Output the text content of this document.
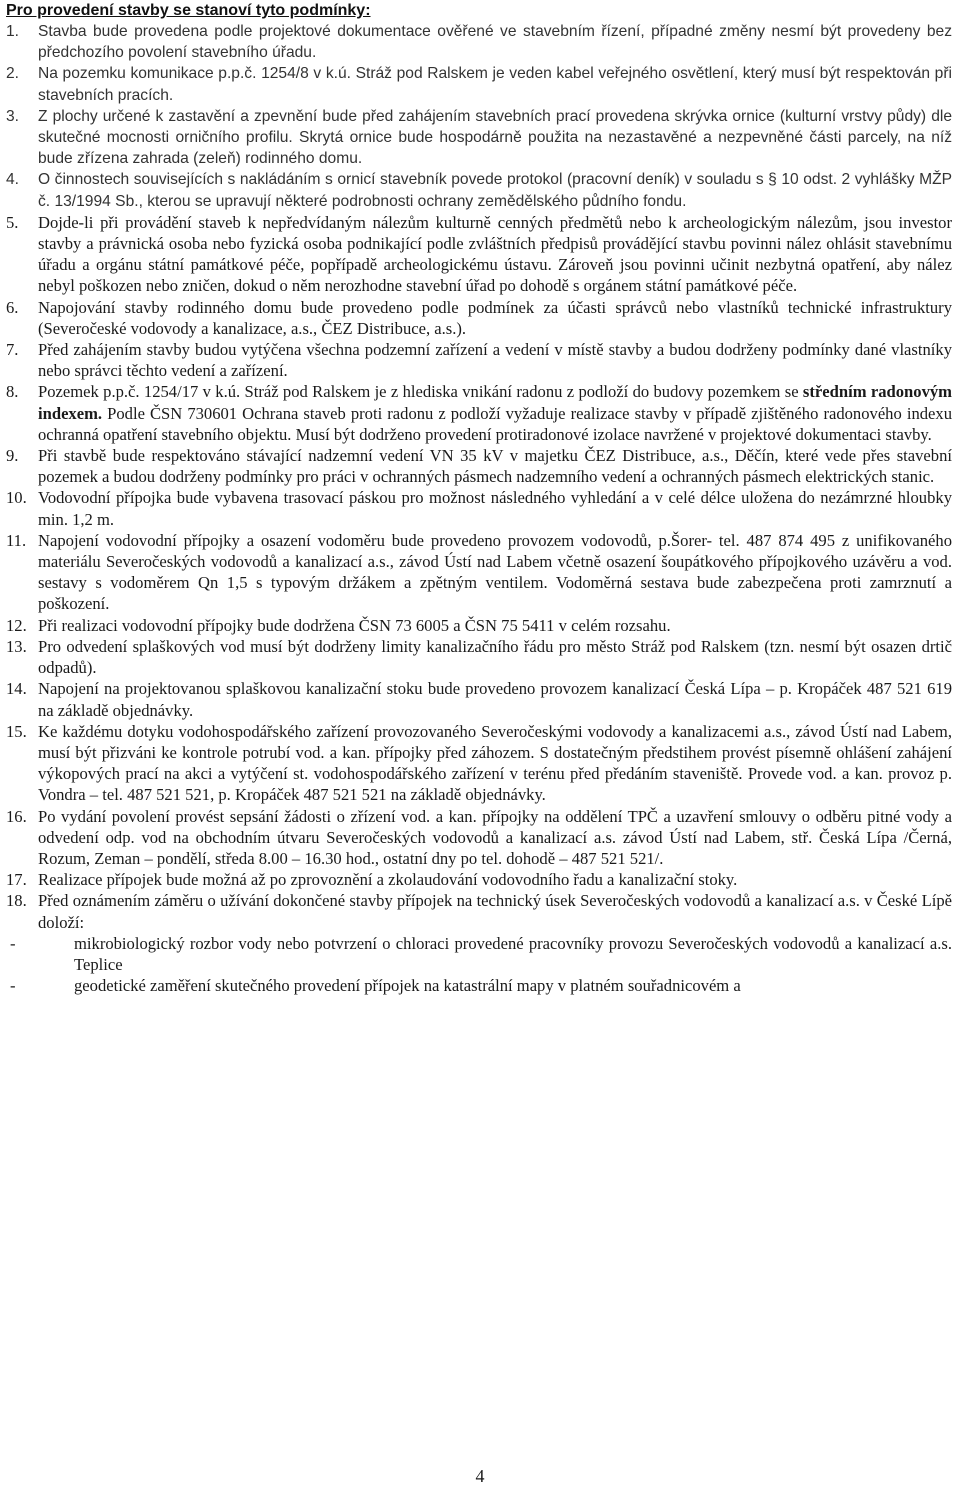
Pro provedení stavby se stanoví tyto podmínky:

1.	Stavba bude provedena podle projektové dokumentace ověřené ve stavebním řízení, případné změny nesmí být provedeny bez předchozího povolení stavebního úřadu.
2.	Na pozemku komunikace p.p.č. 1254/8 v k.ú. Stráž pod Ralskem je veden kabel veřejného osvětlení, který musí být respektován při stavebních pracích.
3.	Z plochy určené k zastavění a zpevnění bude před zahájením stavebních prací provedena skrývka ornice (kulturní vrstvy půdy) dle skutečné mocnosti orničního profilu. Skrytá ornice bude hospodárně použita na nezastavěné a nezpevněné části parcely, na níž bude zřízena zahrada (zeleň) rodinného domu.
4.	O činnostech souvisejících s nakládáním s ornicí stavebník povede protokol (pracovní deník) v souladu s § 10 odst. 2 vyhlášky MŽP č. 13/1994 Sb., kterou se upravují některé podrobnosti ochrany zemědělského půdního fondu.
5.	Dojde-li při provádění staveb k nepředvídaným nálezům kulturně cenných předmětů nebo k archeologickým nálezům, jsou investor stavby a právnická osoba nebo fyzická osoba podnikající podle zvláštních předpisů provádějící stavbu povinni nález ohlásit stavebnímu úřadu a orgánu státní památkové péče, popřípadě archeologickému ústavu. Zároveň jsou povinni učinit nezbytná opatření, aby nález nebyl poškozen nebo zničen, dokud o něm nerozhodne stavební úřad po dohodě s orgánem státní památkové péče.
6.	Napojování stavby rodinného domu bude provedeno podle podmínek za účasti správců nebo vlastníků technické infrastruktury (Severočeské vodovody a kanalizace, a.s., ČEZ Distribuce, a.s.).
7.	Před zahájením stavby budou vytýčena všechna podzemní zařízení a vedení v místě stavby a budou dodrženy podmínky dané vlastníky nebo správci těchto vedení a zařízení.
8.	Pozemek p.p.č. 1254/17 v k.ú. Stráž pod Ralskem je z hlediska vnikání radonu z podloží do budovy pozemkem se středním radonovým indexem. Podle ČSN 730601 Ochrana staveb proti radonu z podloží vyžaduje realizace stavby v případě zjištěného radonového indexu ochranná opatření stavebního objektu. Musí být dodrženo provedení protiradonové izolace navržené v projektové dokumentaci stavby.
9.	Při stavbě bude respektováno stávající nadzemní vedení VN 35 kV v majetku ČEZ Distribuce, a.s., Děčín, které vede přes stavební pozemek a budou dodrženy podmínky pro práci v ochranných pásmech nadzemního vedení a ochranných pásmech elektrických stanic.
10. Vodovodní přípojka bude vybavena trasovací páskou pro možnost následného vyhledání a v celé délce uložena do nezámrzné hloubky min. 1,2 m.
11. Napojení vodovodní přípojky a osazení vodoměru bude provedeno provozem vodovodů, p.Šorer- tel. 487 874 495 z unifikovaného materiálu Severočeských vodovodů a kanalizací a.s., závod Ústí nad Labem včetně osazení šoupátkového přípojkového uzávěru a vod. sestavy s vodoměrem Qn 1,5 s typovým držákem a zpětným ventilem. Vodoměrná sestava bude zabezpečena proti zamrznutí a poškození.
12. Při realizaci vodovodní přípojky bude dodržena ČSN 73 6005 a ČSN 75 5411 v celém rozsahu.
13. Pro odvedení splaškových vod musí být dodrženy limity kanalizačního řádu pro město Stráž pod Ralskem (tzn. nesmí být osazen drtič odpadů).
14. Napojení na projektovanou splaškovou kanalizační stoku bude provedeno provozem kanalizací Česká Lípa – p. Kropáček 487 521 619 na základě objednávky.
15. Ke každému dotyku vodohospodářského zařízení provozovaného Severočeskými vodovody a kanalizacemi a.s., závod Ústí nad Labem, musí být přizváni ke kontrole potrubí vod. a kan. přípojky před záhozem. S dostatečným předstihem provést písemně ohlášení zahájení výkopových prací na akci a vytýčení st. vodohospodářského zařízení v terénu před předáním staveniště. Provede vod. a kan. provoz p. Vondra – tel. 487 521 521, p. Kropáček 487 521 521 na základě objednávky.
16. Po vydání povolení provést sepsání žádosti o zřízení vod. a kan. přípojky na oddělení TPČ a uzavření smlouvy o odběru pitné vody a odvedení odp. vod na obchodním útvaru Severočeských vodovodů a kanalizací a.s. závod Ústí nad Labem, stř. Česká Lípa /Černá, Rozum, Zeman – pondělí, středa 8.00 – 16.30 hod., ostatní dny po tel. dohodě – 487 521 521/.
17. Realizace přípojek bude možná až po zprovoznění a zkolaudování vodovodního řadu a kanalizační stoky.
18. Před oznámením záměru o užívání dokončené stavby přípojek na technický úsek Severočeských vodovodů a kanalizací a.s. v České Lípě doloží:
-	mikrobiologický rozbor vody nebo potvrzení o chloraci provedené pracovníky provozu Severočeských vodovodů a kanalizací a.s. Teplice
-	geodetické zaměření skutečného provedení přípojek na katastrální mapy v platném souřadnicovém a
4
